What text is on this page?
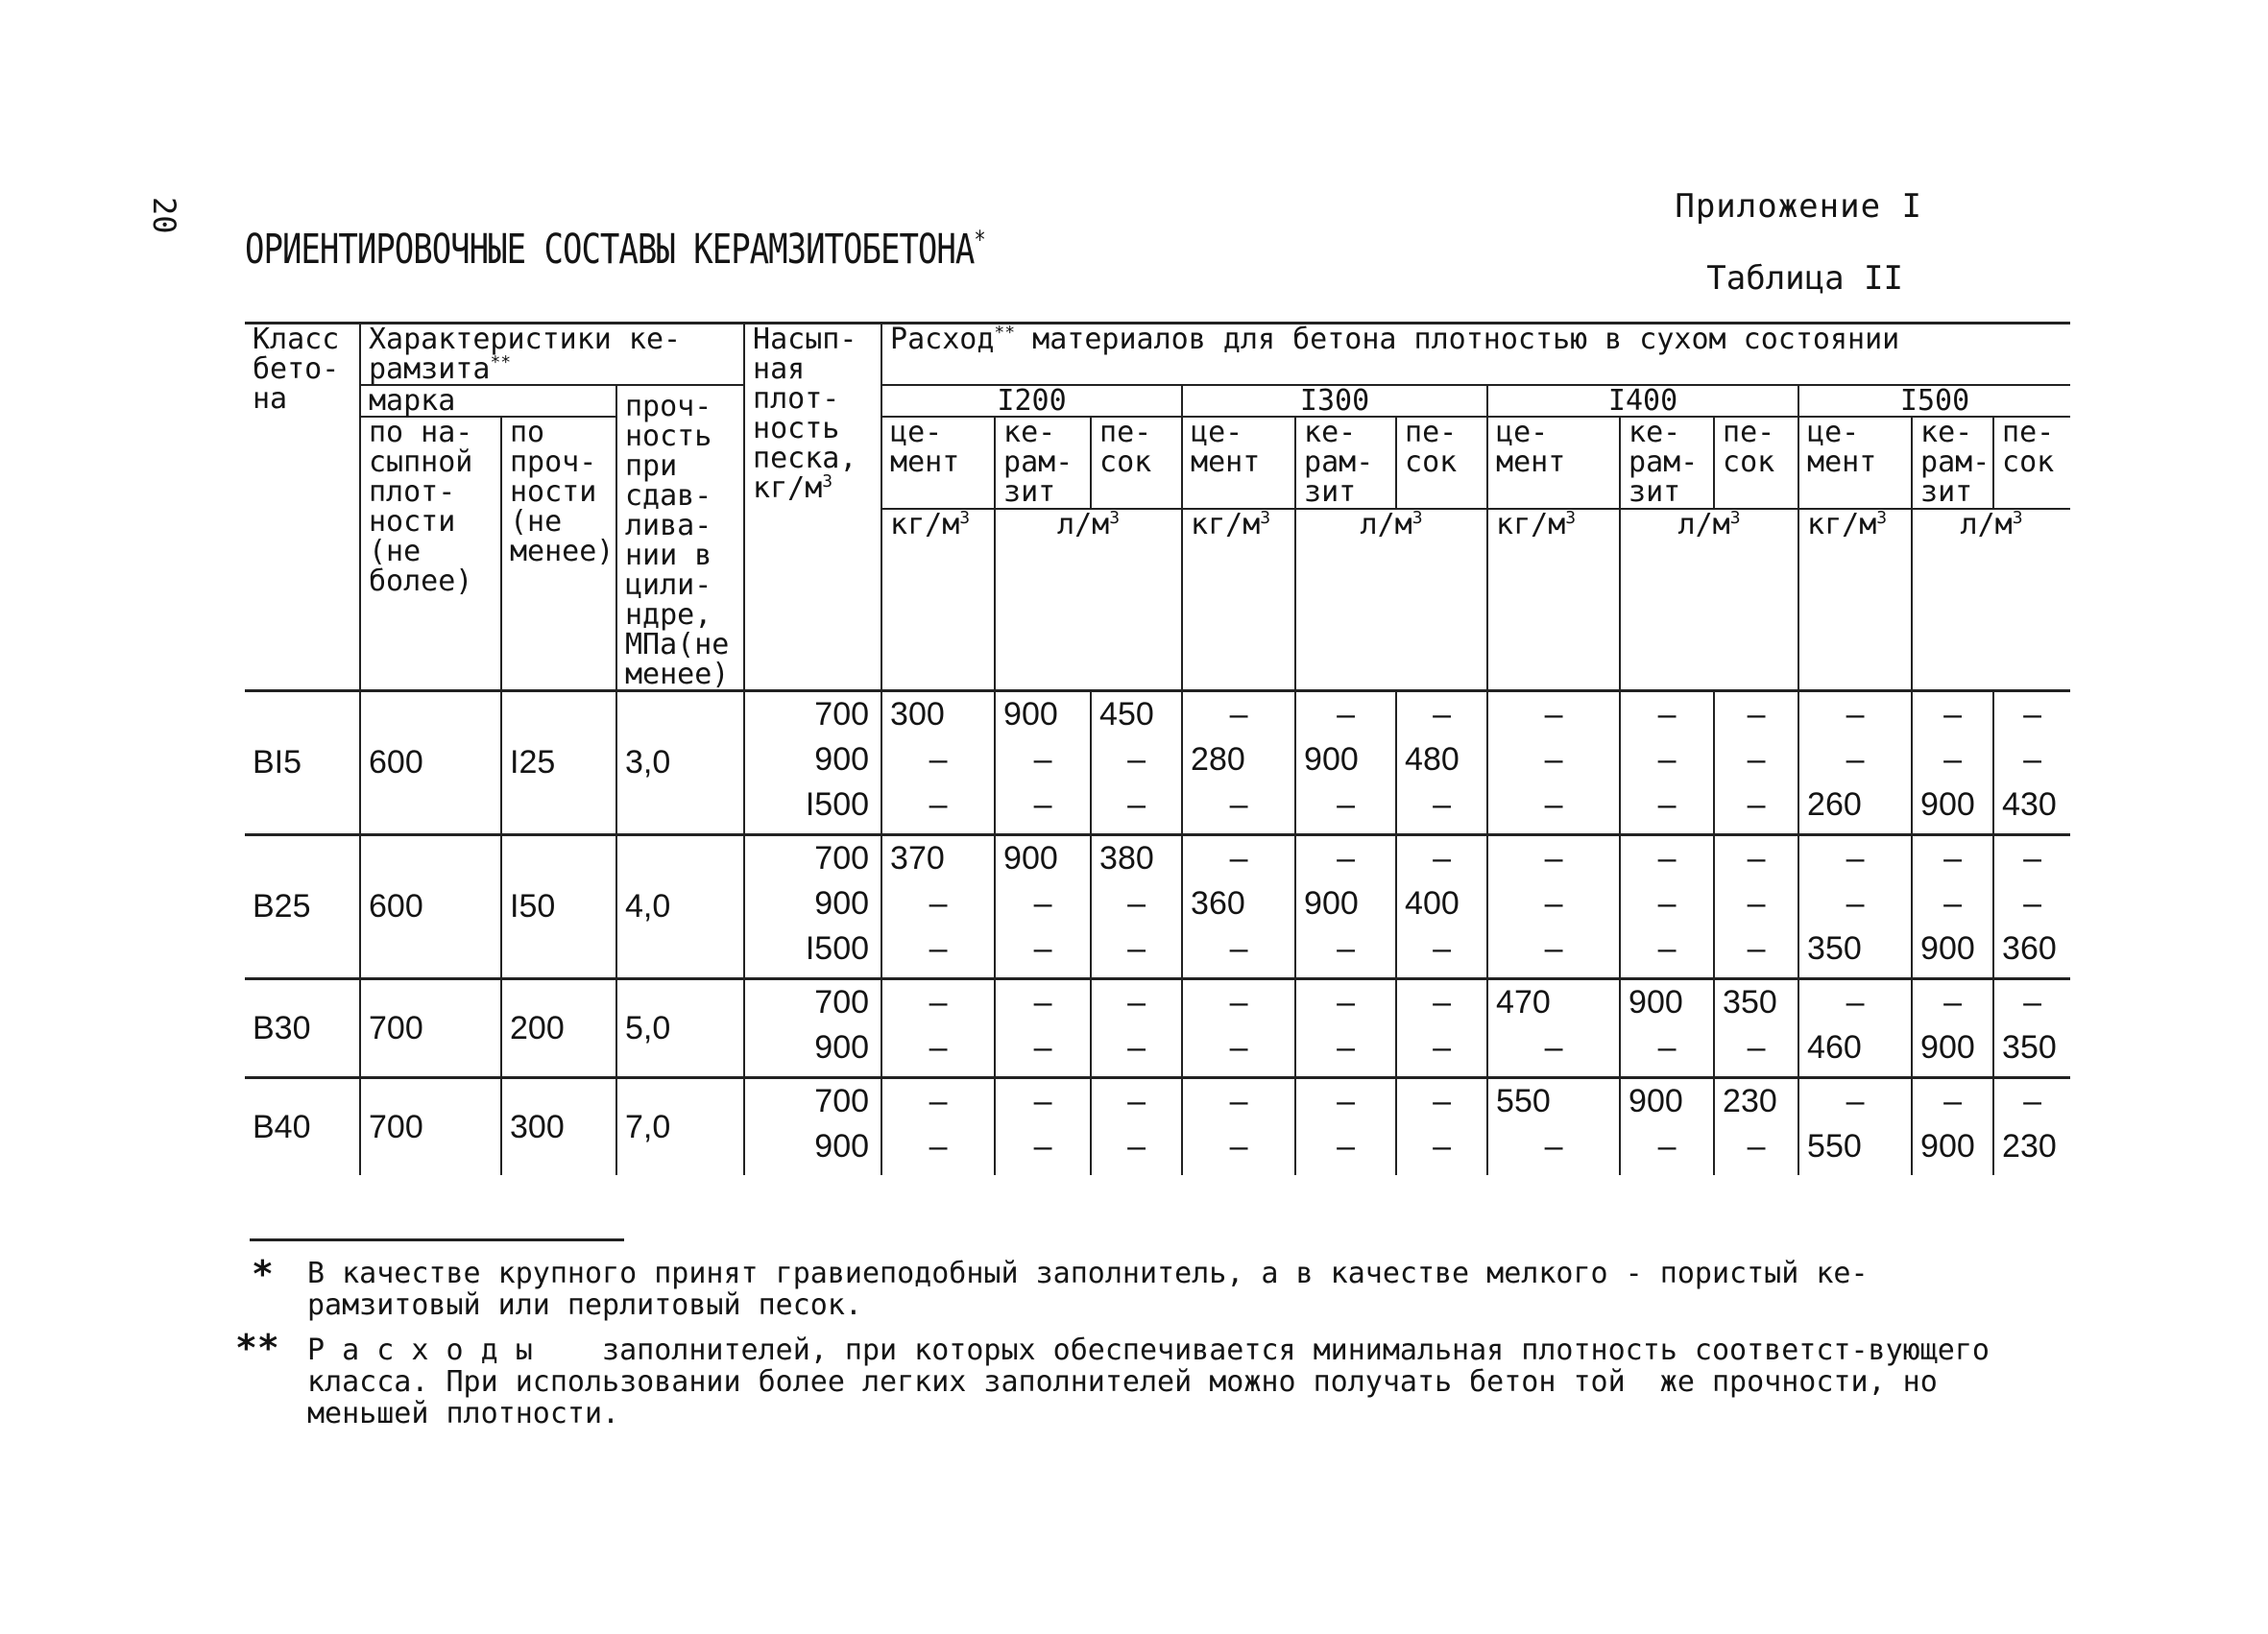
20	Приложение I
Таблица II
ОРИЕНТИРОВОЧНЫЕ СОСТАВЫ КЕРАМЗИТОБЕТОНА*
Класс бето-на	Характеристики ке-рамзита**			Насып-ная плот-ность песка, $кг/м^3$	Расход** материалов для бетона плотностью в сухом состоянии											
	марка		проч-ность при сдав-лива-нии в цили-ндре, МПа(не менее)		I200			I300			I400			I500		
	по на-сыпной плот-ности (не более)	по проч-ности (не менее)			це-мент	ке-рам-зит	пе-сок	це-мент	ке-рам-зит	пе-сок	це-мент	ке-рам-зит	пе-сок	це-мент	ке-рам-зит	пе-сок
					$кг/м^3$	$л/м^3$		$кг/м^3$	$л/м^3$		$кг/м^3$	$л/м^3$		$кг/м^3$	$л/м^3$
BI5	600	I25	3,0	700	300	900	450	–	–	–	–	–	–	–	–	–
				900	–	–	–	280	900	480	–	–	–	–	–	–
				I500	–	–	–	–	–	–	–	–	–	260	900	430
B25	600	I50	4,0	700	370	900	380	–	–	–	–	–	–	–	–	–
				900	–	–	–	360	900	400	–	–	–	–	–	–
				I500	–	–	–	–	–	–	–	–	–	350	900	360
B30	700	200	5,0	700	–	–	–	–	–	–	470	900	350	–	–	–
				900	–	–	–	–	–	–	–	–	–	460	900	350
B40	700	300	7,0	700	–	–	–	–	–	–	550	900	230	–	–	–
				900	–	–	–	–	–	–	–	–	–	550	900	230
* В качестве крупного принят гравиеподобный заполнитель, а в качестве мелкого - пористый ке-рамзитовый или перлитовый песок.
** Р а с х о д ы    заполнителей, при которых обеспечивается минимальная плотность соответст-вующего класса. При использовании более легких заполнителей можно получать бетон той  же прочности, но меньшей плотности.
